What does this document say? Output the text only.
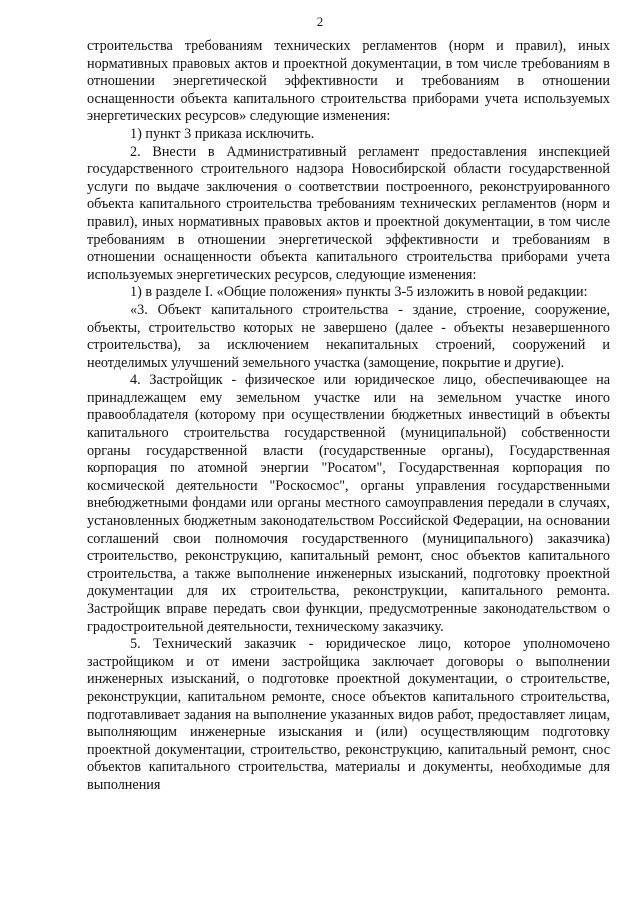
2

строительства требованиям технических регламентов (норм и правил), иных нормативных правовых актов и проектной документации, в том числе требованиям в отношении энергетической эффективности и требованиям в отношении оснащенности объекта капитального строительства приборами учета используемых энергетических ресурсов» следующие изменения:

1) пункт 3 приказа исключить.

2. Внести в Административный регламент предоставления инспекцией государственного строительного надзора Новосибирской области государственной услуги по выдаче заключения о соответствии построенного, реконструированного объекта капитального строительства требованиям технических регламентов (норм и правил), иных нормативных правовых актов и проектной документации, в том числе требованиям в отношении энергетической эффективности и требованиям в отношении оснащенности объекта капитального строительства приборами учета используемых энергетических ресурсов, следующие изменения:

1) в разделе I. «Общие положения» пункты 3-5 изложить в новой редакции:

«3. Объект капитального строительства - здание, строение, сооружение, объекты, строительство которых не завершено (далее - объекты незавершенного строительства), за исключением некапитальных строений, сооружений и неотделимых улучшений земельного участка (замощение, покрытие и другие).

4. Застройщик - физическое или юридическое лицо, обеспечивающее на принадлежащем ему земельном участке или на земельном участке иного правообладателя (которому при осуществлении бюджетных инвестиций в объекты капитального строительства государственной (муниципальной) собственности органы государственной власти (государственные органы), Государственная корпорация по атомной энергии "Росатом", Государственная корпорация по космической деятельности "Роскосмос", органы управления государственными внебюджетными фондами или органы местного самоуправления передали в случаях, установленных бюджетным законодательством Российской Федерации, на основании соглашений свои полномочия государственного (муниципального) заказчика) строительство, реконструкцию, капитальный ремонт, снос объектов капитального строительства, а также выполнение инженерных изысканий, подготовку проектной документации для их строительства, реконструкции, капитального ремонта. Застройщик вправе передать свои функции, предусмотренные законодательством о градостроительной деятельности, техническому заказчику.

5. Технический заказчик - юридическое лицо, которое уполномочено застройщиком и от имени застройщика заключает договоры о выполнении инженерных изысканий, о подготовке проектной документации, о строительстве, реконструкции, капитальном ремонте, сносе объектов капитального строительства, подготавливает задания на выполнение указанных видов работ, предоставляет лицам, выполняющим инженерные изыскания и (или) осуществляющим подготовку проектной документации, строительство, реконструкцию, капитальный ремонт, снос объектов капитального строительства, материалы и документы, необходимые для выполнения
